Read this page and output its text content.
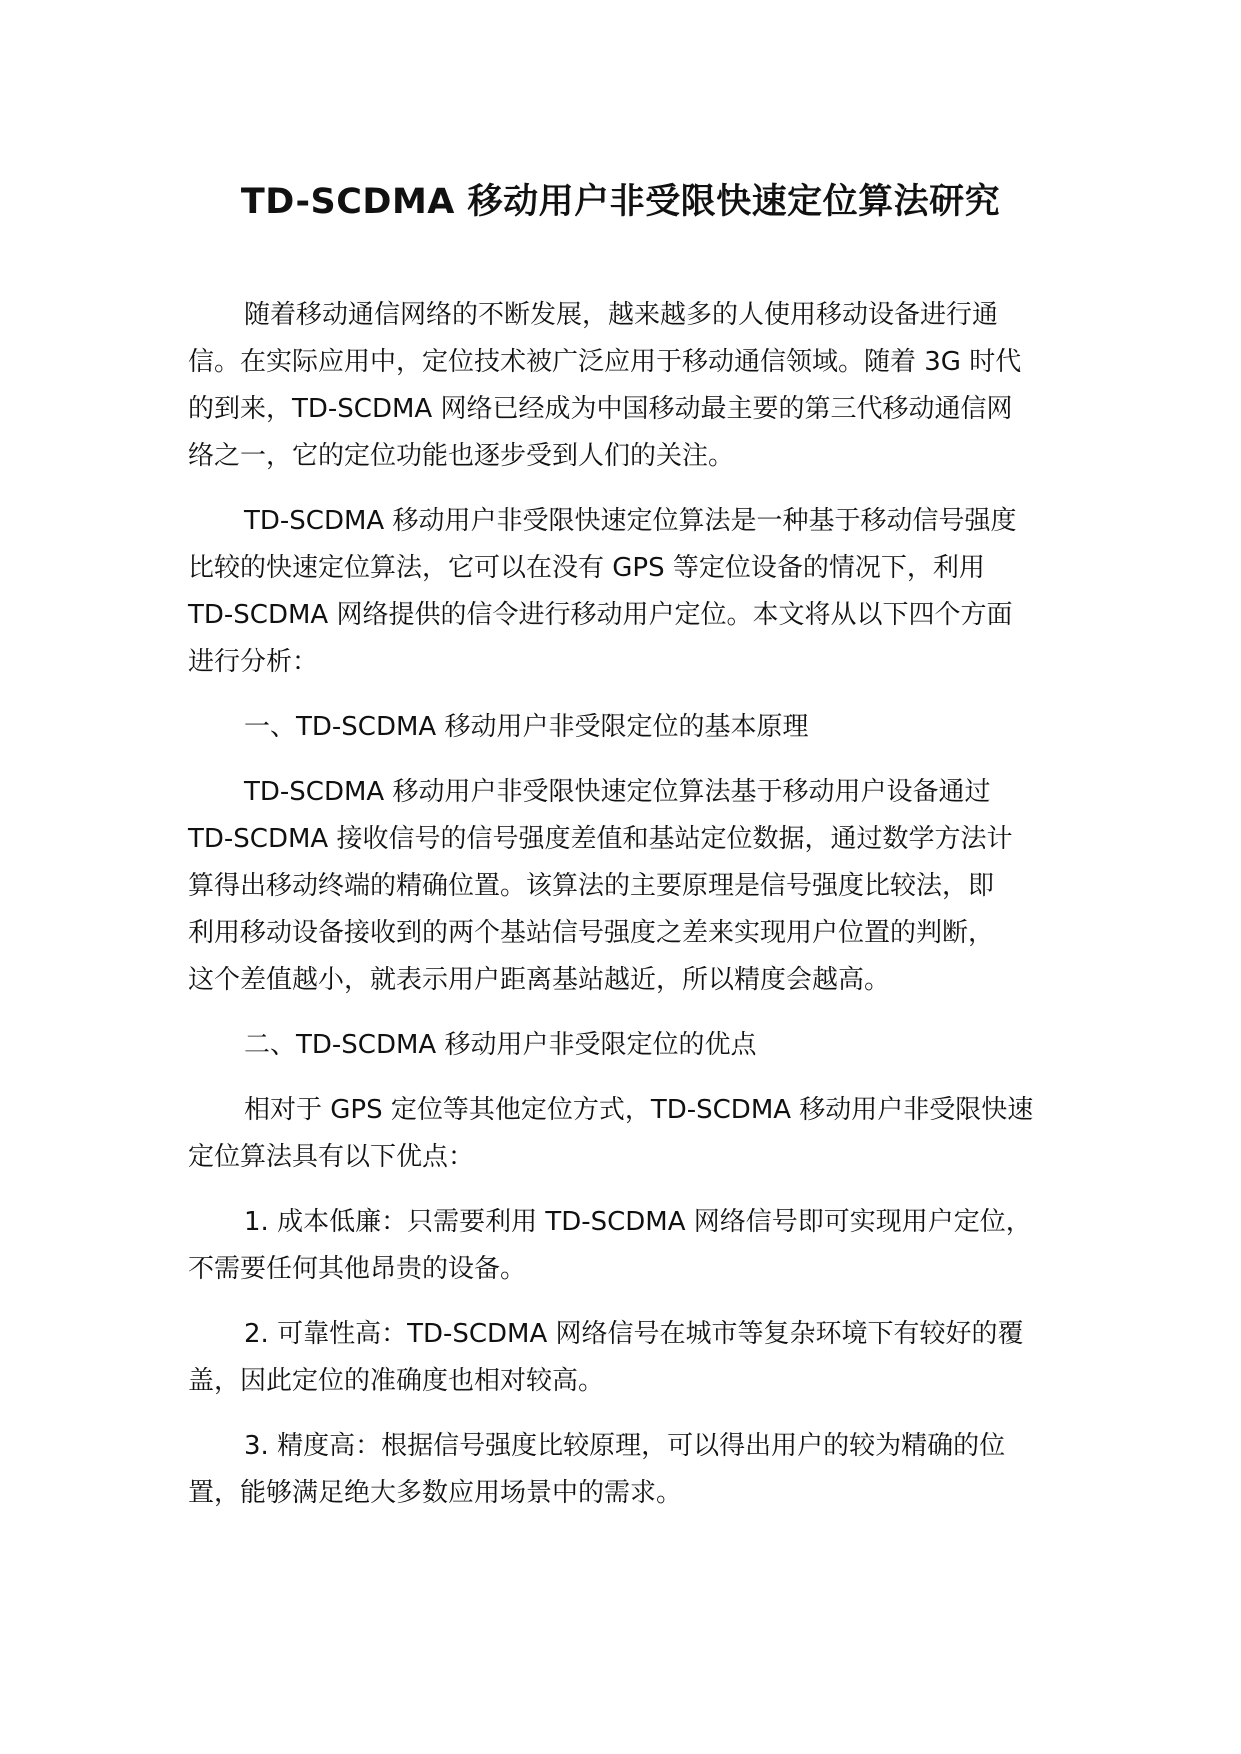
TD-SCDMA 移动用户非受限快速定位算法研究

随着移动通信网络的不断发展，越来越多的人使用移动设备进行通
信。在实际应用中，定位技术被广泛应用于移动通信领域。随着 3G 时代
的到来，TD-SCDMA 网络已经成为中国移动最主要的第三代移动通信网
络之一，它的定位功能也逐步受到人们的关注。

TD-SCDMA 移动用户非受限快速定位算法是一种基于移动信号强度
比较的快速定位算法，它可以在没有 GPS 等定位设备的情况下，利用
TD-SCDMA 网络提供的信令进行移动用户定位。本文将从以下四个方面
进行分析：

一、TD-SCDMA 移动用户非受限定位的基本原理

TD-SCDMA 移动用户非受限快速定位算法基于移动用户设备通过
TD-SCDMA 接收信号的信号强度差值和基站定位数据，通过数学方法计
算得出移动终端的精确位置。该算法的主要原理是信号强度比较法，即
利用移动设备接收到的两个基站信号强度之差来实现用户位置的判断，
这个差值越小，就表示用户距离基站越近，所以精度会越高。

二、TD-SCDMA 移动用户非受限定位的优点

相对于 GPS 定位等其他定位方式，TD-SCDMA 移动用户非受限快速
定位算法具有以下优点：

1. 成本低廉：只需要利用 TD-SCDMA 网络信号即可实现用户定位，
不需要任何其他昂贵的设备。

2. 可靠性高：TD-SCDMA 网络信号在城市等复杂环境下有较好的覆
盖，因此定位的准确度也相对较高。

3. 精度高：根据信号强度比较原理，可以得出用户的较为精确的位
置，能够满足绝大多数应用场景中的需求。
